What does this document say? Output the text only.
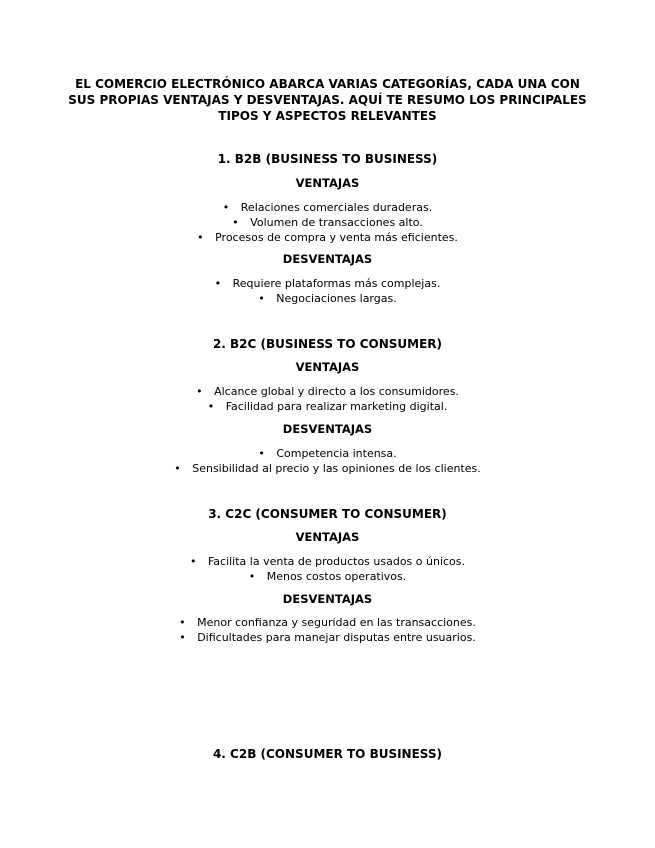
EL COMERCIO ELECTRÓNICO ABARCA VARIAS CATEGORÍAS, CADA UNA CON SUS PROPIAS VENTAJAS Y DESVENTAJAS. AQUÍ TE RESUMO LOS PRINCIPALES TIPOS Y ASPECTOS RELEVANTES
1. B2B (BUSINESS TO BUSINESS)
VENTAJAS
• Relaciones comerciales duraderas.
• Volumen de transacciones alto.
• Procesos de compra y venta más eficientes.
DESVENTAJAS
• Requiere plataformas más complejas.
• Negociaciones largas.
2. B2C (BUSINESS TO CONSUMER)
VENTAJAS
• Alcance global y directo a los consumidores.
• Facilidad para realizar marketing digital.
DESVENTAJAS
• Competencia intensa.
• Sensibilidad al precio y las opiniones de los clientes.
3. C2C (CONSUMER TO CONSUMER)
VENTAJAS
• Facilita la venta de productos usados o únicos.
• Menos costos operativos.
DESVENTAJAS
• Menor confianza y seguridad en las transacciones.
• Dificultades para manejar disputas entre usuarios.
4. C2B (CONSUMER TO BUSINESS)
